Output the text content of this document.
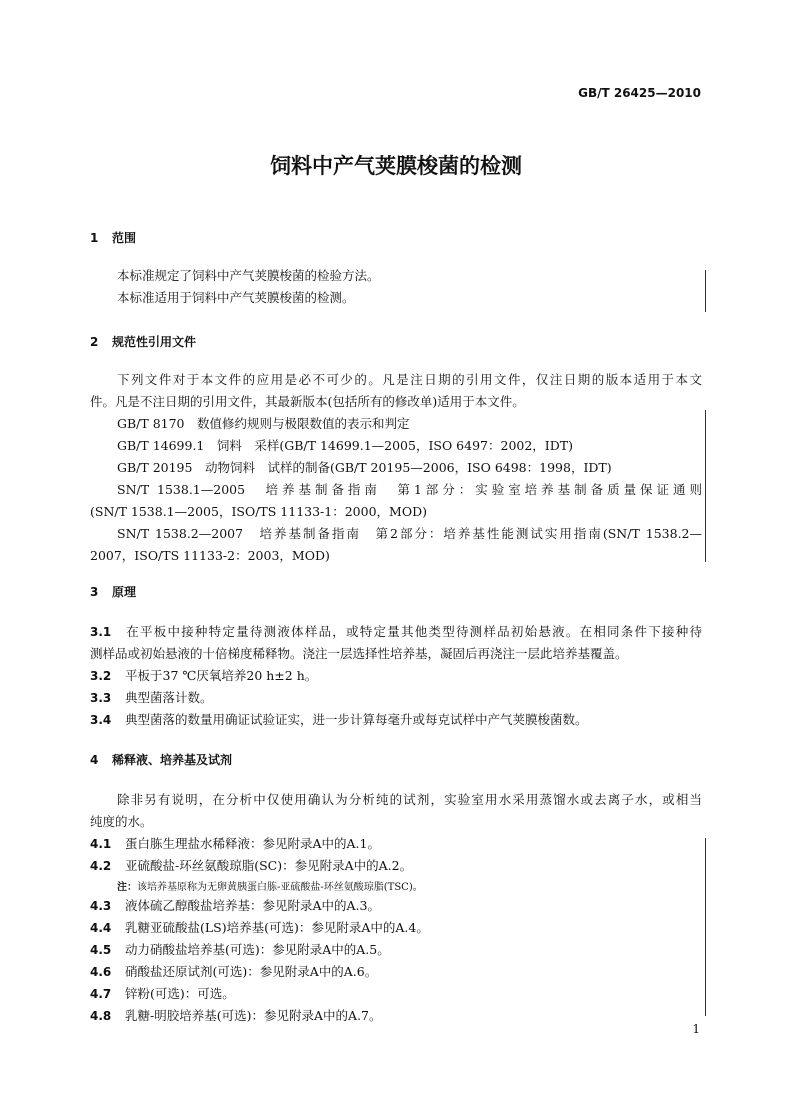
GB/T 26425—2010
饲料中产气荚膜梭菌的检测
1 范围
本标准规定了饲料中产气荚膜梭菌的检验方法。
本标准适用于饲料中产气荚膜梭菌的检测。
2 规范性引用文件
下列文件对于本文件的应用是必不可少的。凡是注日期的引用文件，仅注日期的版本适用于本文
件。凡是不注日期的引用文件，其最新版本(包括所有的修改单)适用于本文件。
GB/T 8170　数值修约规则与极限数值的表示和判定
GB/T 14699.1　饲料　采样(GB/T 14699.1—2005，ISO 6497：2002，IDT)
GB/T 20195　动物饲料　试样的制备(GB/T 20195—2006，ISO 6498：1998，IDT)
SN/T 1538.1—2005　培养基制备指南　第1部分：实验室培养基制备质量保证通则
(SN/T 1538.1—2005，ISO/TS 11133-1：2000，MOD)
SN/T 1538.2—2007　培养基制备指南　第2部分：培养基性能测试实用指南(SN/T 1538.2—
2007，ISO/TS 11133-2：2003，MOD)
3 原理
3.1 在平板中接种特定量待测液体样品，或特定量其他类型待测样品初始悬液。在相同条件下接种待
测样品或初始悬液的十倍梯度稀释物。浇注一层选择性培养基，凝固后再浇注一层此培养基覆盖。
3.2 平板于37 ℃厌氧培养20 h±2 h。
3.3 典型菌落计数。
3.4 典型菌落的数量用确证试验证实，进一步计算每毫升或每克试样中产气荚膜梭菌数。
4 稀释液、培养基及试剂
除非另有说明，在分析中仅使用确认为分析纯的试剂，实验室用水采用蒸馏水或去离子水，或相当
纯度的水。
4.1 蛋白胨生理盐水稀释液：参见附录A中的A.1。
4.2 亚硫酸盐-环丝氨酸琼脂(SC)：参见附录A中的A.2。
注：该培养基原称为无卵黄胰蛋白胨-亚硫酸盐-环丝氨酸琼脂(TSC)。
4.3 液体硫乙醇酸盐培养基：参见附录A中的A.3。
4.4 乳糖亚硫酸盐(LS)培养基(可选)：参见附录A中的A.4。
4.5 动力硝酸盐培养基(可选)：参见附录A中的A.5。
4.6 硝酸盐还原试剂(可选)：参见附录A中的A.6。
4.7 锌粉(可选)：可选。
4.8 乳糖-明胶培养基(可选)：参见附录A中的A.7。
1
